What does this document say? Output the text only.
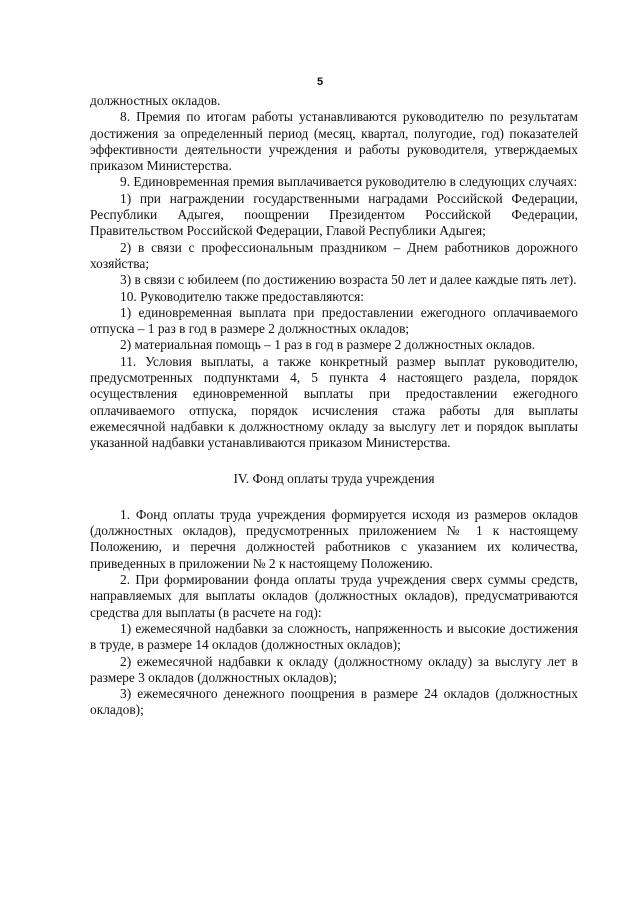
5

должностных окладов.

8. Премия по итогам работы устанавливаются руководителю по результатам достижения за определенный период (месяц, квартал, полугодие, год) показателей эффективности деятельности учреждения и работы руководителя, утверждаемых приказом Министерства.

9. Единовременная премия выплачивается руководителю в следующих случаях:

1) при награждении государственными наградами Российской Федерации, Республики Адыгея, поощрении Президентом Российской Федерации, Правительством Российской Федерации, Главой Республики Адыгея;

2) в связи с профессиональным праздником – Днем работников дорожного хозяйства;

3) в связи с юбилеем (по достижению возраста 50 лет и далее каждые пять лет).

10. Руководителю также предоставляются:

1) единовременная выплата при предоставлении ежегодного оплачиваемого отпуска – 1 раз в год в размере 2 должностных окладов;

2) материальная помощь – 1 раз в год в размере 2 должностных окладов.

11. Условия выплаты, а также конкретный размер выплат руководителю, предусмотренных подпунктами 4, 5 пункта 4 настоящего раздела, порядок осуществления единовременной выплаты при предоставлении ежегодного оплачиваемого отпуска, порядок исчисления стажа работы для выплаты ежемесячной надбавки к должностному окладу за выслугу лет и порядок выплаты указанной надбавки устанавливаются приказом Министерства.

IV. Фонд оплаты труда учреждения

1. Фонд оплаты труда учреждения формируется исходя из размеров окладов (должностных окладов), предусмотренных приложением № 1 к настоящему Положению, и перечня должностей работников с указанием их количества, приведенных в приложении № 2 к настоящему Положению.

2. При формировании фонда оплаты труда учреждения сверх суммы средств, направляемых для выплаты окладов (должностных окладов), предусматриваются средства для выплаты (в расчете на год):

1) ежемесячной надбавки за сложность, напряженность и высокие достижения в труде, в размере 14 окладов (должностных окладов);

2) ежемесячной надбавки к окладу (должностному окладу) за выслугу лет в размере 3 окладов (должностных окладов);

3) ежемесячного денежного поощрения в размере 24 окладов (должностных окладов);
